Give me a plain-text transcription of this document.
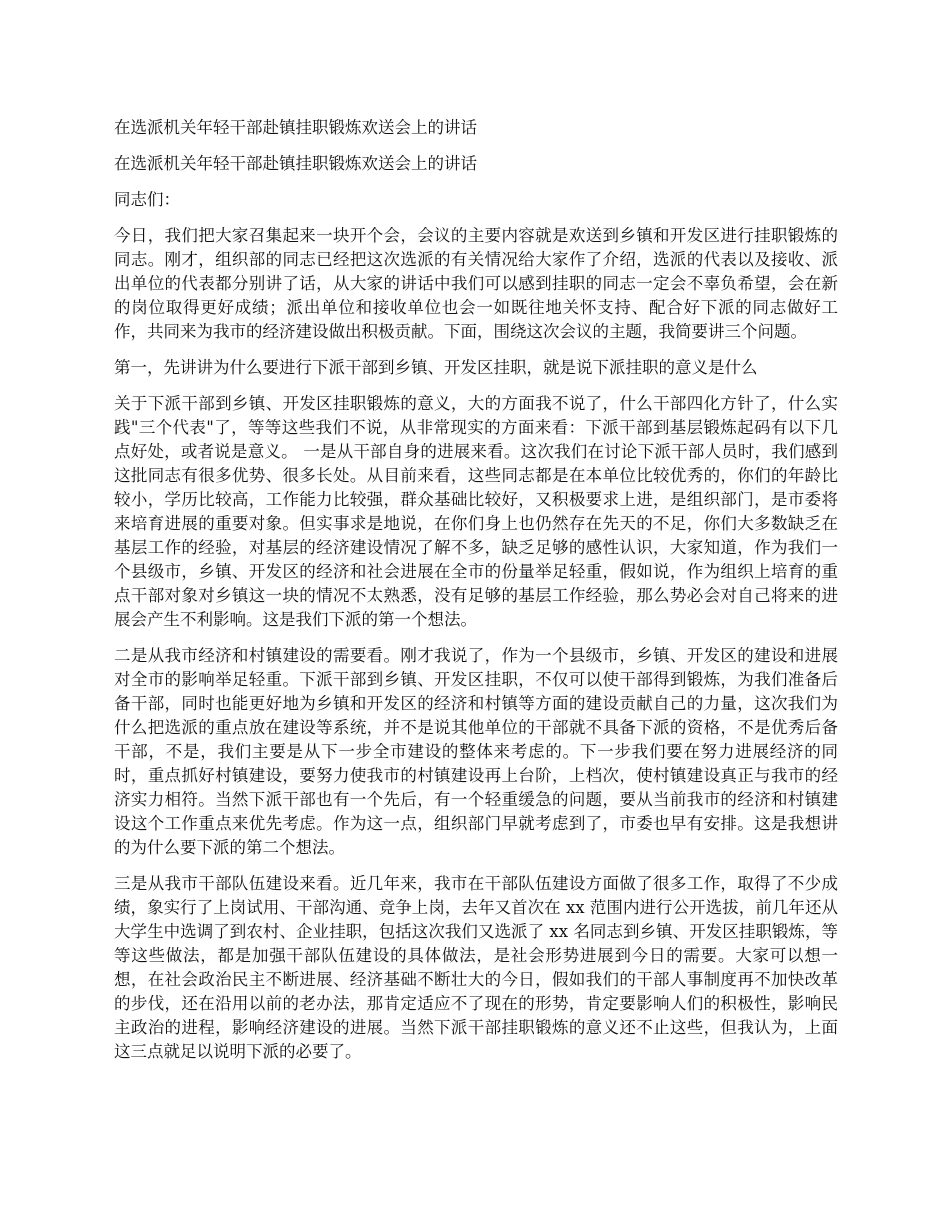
在选派机关年轻干部赴镇挂职锻炼欢送会上的讲话

在选派机关年轻干部赴镇挂职锻炼欢送会上的讲话

同志们：

今日，我们把大家召集起来一块开个会，会议的主要内容就是欢送到乡镇和开发区进行挂职锻炼的同志。刚才，组织部的同志已经把这次选派的有关情况给大家作了介绍，选派的代表以及接收、派出单位的代表都分别讲了话，从大家的讲话中我们可以感到挂职的同志一定会不辜负希望，会在新的岗位取得更好成绩；派出单位和接收单位也会一如既往地关怀支持、配合好下派的同志做好工作，共同来为我市的经济建设做出积极贡献。下面，围绕这次会议的主题，我简要讲三个问题。

第一，先讲讲为什么要进行下派干部到乡镇、开发区挂职，就是说下派挂职的意义是什么

关于下派干部到乡镇、开发区挂职锻炼的意义，大的方面我不说了，什么干部四化方针了，什么实践"三个代表"了，等等这些我们不说，从非常现实的方面来看：下派干部到基层锻炼起码有以下几点好处，或者说是意义。 一是从干部自身的进展来看。这次我们在讨论下派干部人员时，我们感到这批同志有很多优势、很多长处。从目前来看，这些同志都是在本单位比较优秀的，你们的年龄比较小，学历比较高，工作能力比较强，群众基础比较好，又积极要求上进，是组织部门，是市委将来培育进展的重要对象。但实事求是地说，在你们身上也仍然存在先天的不足，你们大多数缺乏在基层工作的经验，对基层的经济建设情况了解不多，缺乏足够的感性认识，大家知道，作为我们一个县级市，乡镇、开发区的经济和社会进展在全市的份量举足轻重，假如说，作为组织上培育的重点干部对象对乡镇这一块的情况不太熟悉，没有足够的基层工作经验，那么势必会对自己将来的进展会产生不利影响。这是我们下派的第一个想法。

二是从我市经济和村镇建设的需要看。刚才我说了，作为一个县级市，乡镇、开发区的建设和进展对全市的影响举足轻重。下派干部到乡镇、开发区挂职，不仅可以使干部得到锻炼，为我们准备后备干部，同时也能更好地为乡镇和开发区的经济和村镇等方面的建设贡献自己的力量，这次我们为什么把选派的重点放在建设等系统，并不是说其他单位的干部就不具备下派的资格，不是优秀后备干部，不是，我们主要是从下一步全市建设的整体来考虑的。下一步我们要在努力进展经济的同时，重点抓好村镇建设，要努力使我市的村镇建设再上台阶，上档次，使村镇建设真正与我市的经济实力相符。当然下派干部也有一个先后，有一个轻重缓急的问题，要从当前我市的经济和村镇建设这个工作重点来优先考虑。作为这一点，组织部门早就考虑到了，市委也早有安排。这是我想讲的为什么要下派的第二个想法。

三是从我市干部队伍建设来看。近几年来，我市在干部队伍建设方面做了很多工作，取得了不少成绩，象实行了上岗试用、干部沟通、竞争上岗，去年又首次在 xx 范围内进行公开选拔，前几年还从大学生中选调了到农村、企业挂职，包括这次我们又选派了 xx 名同志到乡镇、开发区挂职锻炼，等等这些做法，都是加强干部队伍建设的具体做法，是社会形势进展到今日的需要。大家可以想一想，在社会政治民主不断进展、经济基础不断壮大的今日，假如我们的干部人事制度再不加快改革的步伐，还在沿用以前的老办法，那肯定适应不了现在的形势，肯定要影响人们的积极性，影响民主政治的进程，影响经济建设的进展。当然下派干部挂职锻炼的意义还不止这些，但我认为，上面这三点就足以说明下派的必要了。
